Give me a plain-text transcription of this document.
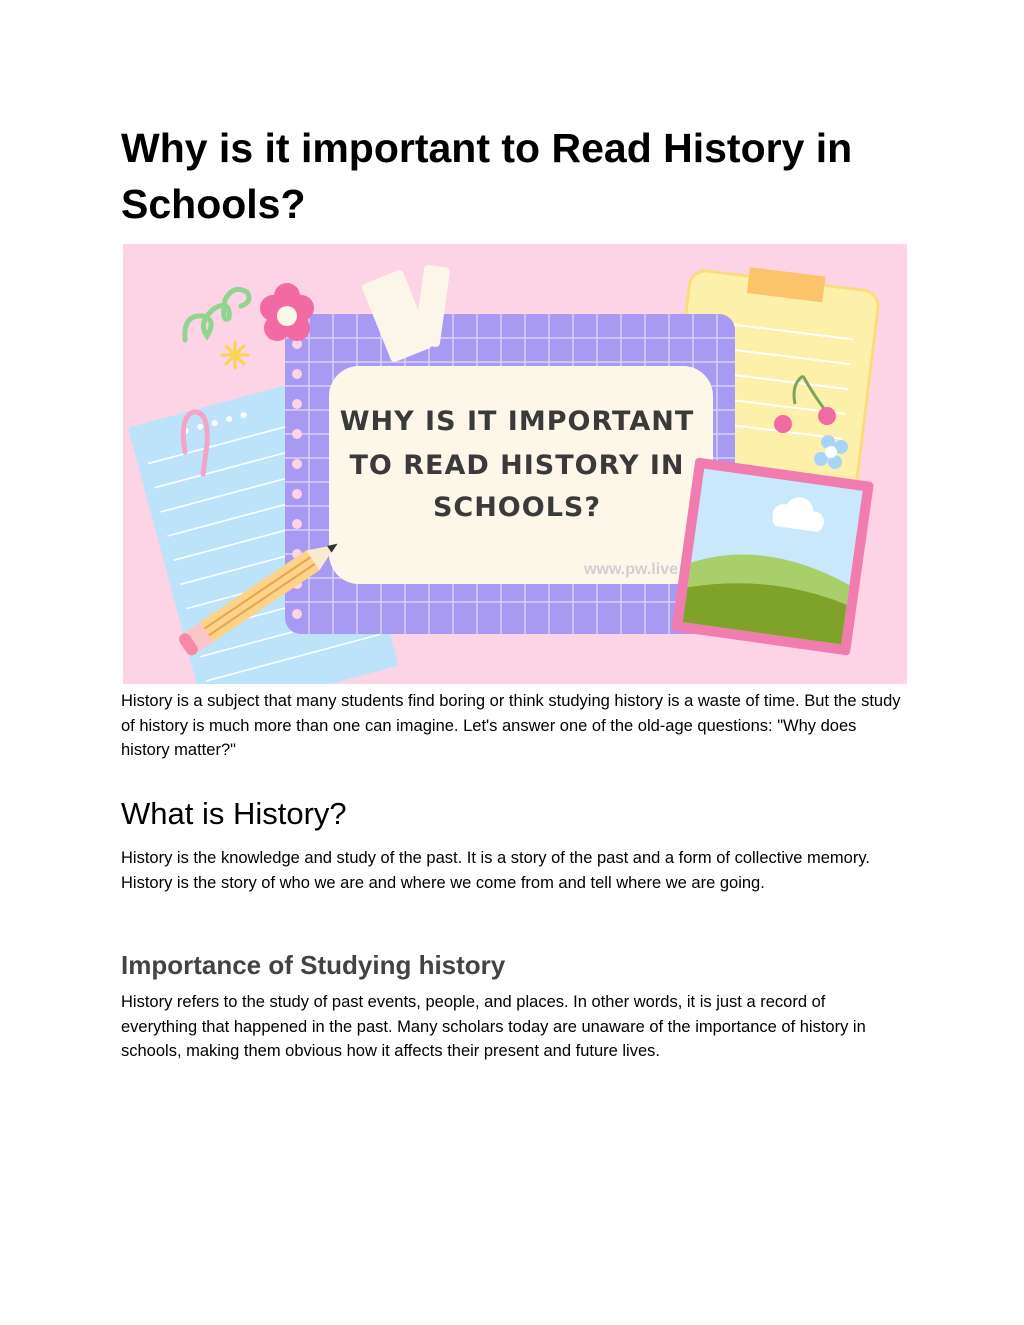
Why is it important to Read History in Schools?
WHY IS IT IMPORTANT
TO READ HISTORY IN
SCHOOLS?
www.pw.live

History is a subject that many students find boring or think studying history is a waste of time. But the study of history is much more than one can imagine. Let's answer one of the old-age questions: "Why does history matter?"

What is History?

History is the knowledge and study of the past. It is a story of the past and a form of collective memory. History is the story of who we are and where we come from and tell where we are going.

Importance of Studying history

History refers to the study of past events, people, and places. In other words, it is just a record of everything that happened in the past. Many scholars today are unaware of the importance of history in schools, making them obvious how it affects their present and future lives.
